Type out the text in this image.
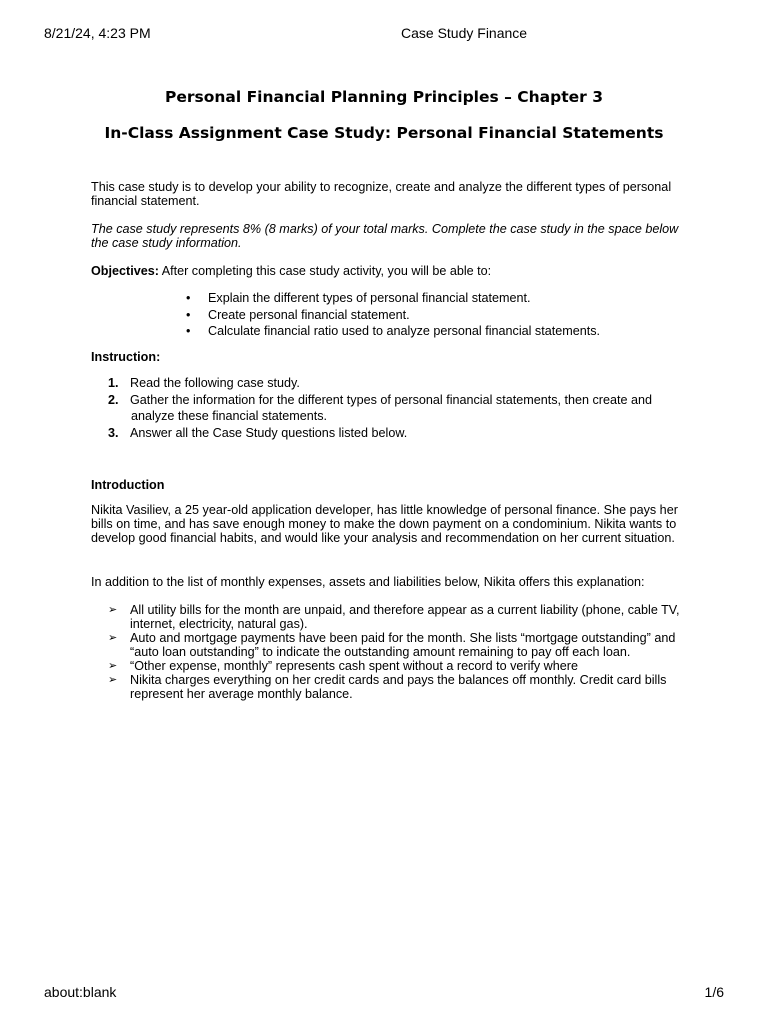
8/21/24, 4:23 PM	Case Study Finance
Personal Financial Planning Principles – Chapter 3
In-Class Assignment Case Study: Personal Financial Statements

This case study is to develop your ability to recognize, create and analyze the different types of personal financial statement.

The case study represents 8% (8 marks) of your total marks. Complete the case study in the space below the case study information.

Objectives: After completing this case study activity, you will be able to:

• Explain the different types of personal financial statement.
• Create personal financial statement.
• Calculate financial ratio used to analyze personal financial statements.

Instruction:

1. Read the following case study.
2. Gather the information for the different types of personal financial statements, then create and
analyze these financial statements.
3. Answer all the Case Study questions listed below.

Introduction

Nikita Vasiliev, a 25 year-old application developer, has little knowledge of personal finance. She pays her bills on time, and has save enough money to make the down payment on a condominium. Nikita wants to develop good financial habits, and would like your analysis and recommendation on her current situation.

In addition to the list of monthly expenses, assets and liabilities below, Nikita offers this explanation:

➢ All utility bills for the month are unpaid, and therefore appear as a current liability (phone, cable TV, internet, electricity, natural gas).
➢ Auto and mortgage payments have been paid for the month. She lists “mortgage outstanding” and “auto loan outstanding” to indicate the outstanding amount remaining to pay off each loan.
➢ “Other expense, monthly” represents cash spent without a record to verify where
➢ Nikita charges everything on her credit cards and pays the balances off monthly. Credit card bills represent her average monthly balance.
about:blank	1/6
